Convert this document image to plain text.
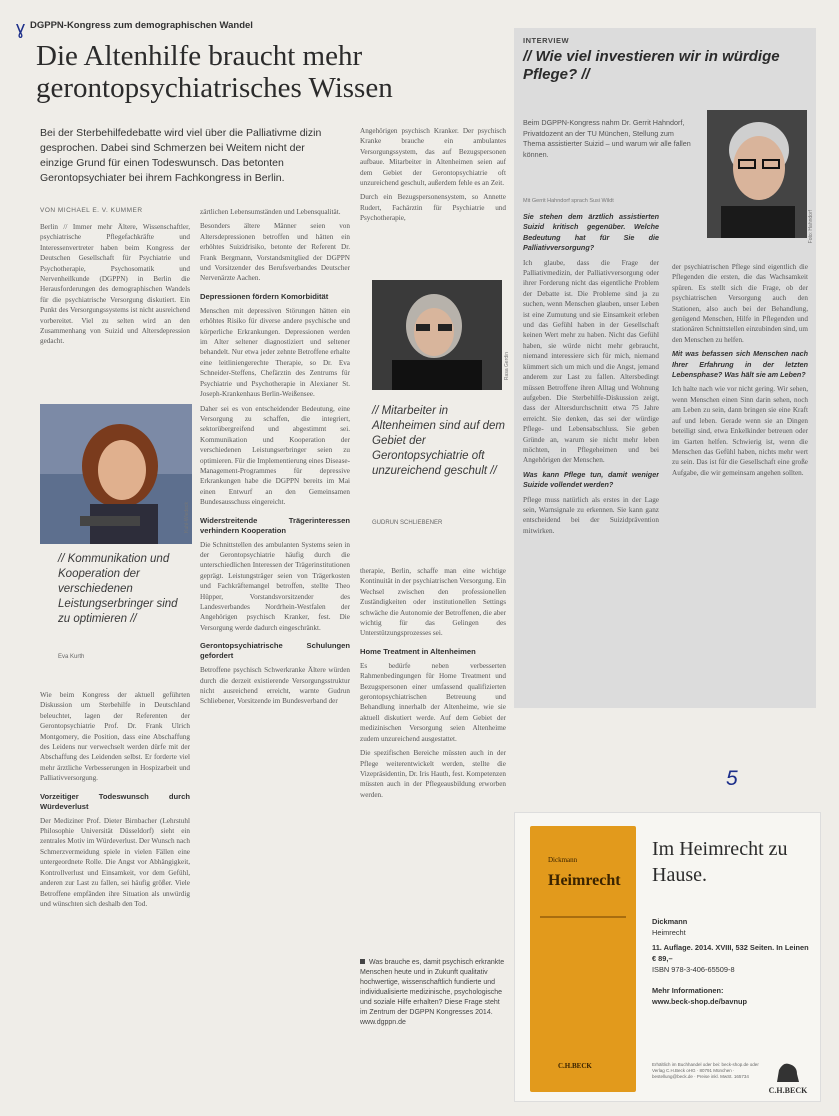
ɣ DGPPN-Kongress zum demographischen Wandel
Die Altenhilfe braucht mehr gerontopsychiatrisches Wissen
Bei der Sterbehilfedebatte wird viel über die Palliativme dizin gesprochen. Dabei sind Schmerzen bei Weitem nicht der einzige Grund für einen Todeswunsch. Das betonten Gerontopsychiater bei ihrem Fachkongress in Berlin.
VON MICHAEL E. V. KUMMER

Berlin // Immer mehr Ältere, Wissenschaftler, psychiatrische Pflegefachkräfte und Interessenvertreter haben beim Kongress der Deutschen Gesellschaft für Psychiatrie und Psychotherapie, Psychosomatik und Nervenheilkunde (DGPPN) in Berlin die Herausforderungen des demographischen Wandels für die psychiatrische Versorgung diskutiert. Ein Punkt des Versorgungssystems ist nicht ausreichend vorbereitet. Viel zu selten wird an den Zusammenhang von Suizid und Altersdepression gedacht.

Kuhl-Wiedeck
// Kommunikation und Kooperation der verschiedenen Leistungserbringer sind zu optimieren //
Eva Kurth

Wie beim Kongress der aktuell geführten Diskussion um Sterbehilfe in Deutschland beleuchtet, lagen der Referenten der Gerontopsychiatrie Prof. Dr. Frank Ulrich Montgomery, die Position, dass eine Abschaffung des Leidens nur verwechselt werden dürfe mit der Abschaffung des Leidenden selbst. Er forderte viel mehr ärztliche Verbesserungen in Hospizarbeit und Palliativversorgung.

Vorzeitiger Todeswunsch durch Würdeverlust

Der Mediziner Prof. Dieter Birnbacher (Lehrstuhl Philosophie Universität Düsseldorf) sieht ein zentrales Motiv im Würdeverlust. Der Wunsch nach Schmerzvermeidung spiele in vielen Fällen eine untergeordnete Rolle. Die Angst vor Abhängigkeit, Kontrollverlust und Einsamkeit, vor dem Gefühl, anderen zur Last zu fallen, sei häufig größer. Viele Betroffene empfänden ihre Situation als unwürdig und wünschten sich deshalb den Tod.

zärtlichen Lebensumständen und Lebensqualität.

Besonders ältere Männer seien von Altersdepressionen betroffen und hätten ein erhöhtes Suizidrisiko, betonte der Referent Dr. Frank Bergmann, Vorstandsmitglied der DGPPN und Vorsitzender des Berufsverbandes Deutscher Nervenärzte Aachen.

Depressionen fördern Komorbidität

Menschen mit depressiven Störungen hätten ein erhöhtes Risiko für diverse andere psychische und körperliche Erkrankungen. Depressionen werden im Alter seltener diagnostiziert und seltener behandelt. Nur etwa jeder zehnte Betroffene erhalte eine leitliniengerechte Therapie, so Dr. Eva Schneider-Steffens, Chefärztin des Zentrums für Psychiatrie und Psychotherapie in Alexianer St. Joseph-Krankenhaus Berlin-Weißensee.

Daher sei es von entscheidender Bedeutung, eine Versorgung zu schaffen, die integriert, sektorübergreifend und abgestimmt sei. Kommunikation und Kooperation der verschiedenen Leistungserbringer seien zu optimieren. Für die Implementierung eines Disease-Management-Programmes für depressive Erkrankungen habe die DGPPN bereits im Mai einen Entwurf an den Gemeinsamen Bundesausschuss eingereicht.

Widerstreitende Trägerinteressen verhindern Kooperation

Die Schnittstellen des ambulanten Systems seien in der Gerontopsychiatrie häufig durch die unterschiedlichen Interessen der Trägerinstitutionen geprägt. Leistungsträger seien von Trägerkosten und Fachkräftemangel betroffen, stellte Theo Hüpper, Vorstandsvorsitzender des Landesverbandes Nordrhein-Westfalen der Angehörigen psychisch Kranker, fest. Die Versorgung werde dadurch eingeschränkt.

Gerontopsychiatrische Schulungen gefordert

Betroffene psychisch Schwerkranke Ältere würden durch die derzeit existierende Versorgungsstruktur nicht ausreichend erreicht, warnte Gudrun Schliebener, Vorsitzende im Bundesverband der

Angehörigen psychisch Kranker. Der psychisch Kranke brauche ein ambulantes Versorgungssystem, das auf Bezugspersonen aufbaue. Mitarbeiter in Altenheimen seien auf dem Gebiet der Gerontopsychiatrie oft unzureichend geschult, außerdem fehle es an Zeit.

Durch ein Bezugspersonensystem, so Annette Rudert, Fachärztin für Psychiatrie und Psychotherapie,

Rasa Gerdin
// Mitarbeiter in Altenheimen sind auf dem Gebiet der Gerontopsychiatrie oft unzureichend geschult //
GUDRUN SCHLIEBENER

therapie, Berlin, schaffe man eine wichtige Kontinuität in der psychiatrischen Versorgung. Ein Wechsel zwischen den professionellen Zuständigkeiten oder institutionellen Settings schwäche die Autonomie der Betroffenen, die aber wichtig für das Gelingen des Unterstützungsprozesses sei.

Home Treatment in Altenheimen

Es bedürfe neben verbesserten Rahmenbedingungen für Home Treatment und Bezugspersonen einer umfassend qualifizierten gerontopsychiatrischen Betreuung und Behandlung innerhalb der Altenheime, wie sie aktuell diskutiert werde. Auf dem Gebiet der medizinischen Versorgung seien Altenheime zudem unzureichend ausgestattet.

Die spezifischen Bereiche müssten auch in der Pflege weiterentwickelt werden, stellte die Vizepräsidentin, Dr. Iris Hauth, fest. Kompetenzen müssten auch in der Pflegeausbildung erworben werden.

Was brauche es, damit psychisch erkrankte Menschen heute und in Zukunft qualitativ hochwertige, wissenschaftlich fundierte und individualisierte medizinische, psychologische und soziale Hilfe erhalten? Diese Frage steht im Zentrum der DGPPN Kongresses 2014. www.dgppn.de
INTERVIEW
// Wie viel investieren wir in würdige Pflege? //
Beim DGPPN-Kongress nahm Dr. Gerrit Hahndorf, Privatdozent an der TU München, Stellung zum Thema assistierter Suizid – und warum wir alle fallen können.
Mit Gerrit Hahndorf sprach Susi Wildt
Foto: Hahndorf

Sie stehen dem ärztlich assistierten Suizid kritisch gegenüber. Welche Bedeutung hat für Sie die Palliativversorgung?

Ich glaube, dass die Frage der Palliativmedizin, der Palliativversorgung oder ihrer Forderung nicht das eigentliche Problem der Debatte ist. Die Probleme sind ja zu suchen, wenn Menschen glauben, unser Leben ist eine Zumutung und sie Einsamkeit erleben und das Gefühl haben in der Gesellschaft keinen Wert mehr zu haben. Nicht das Gefühl haben, sie würde nicht mehr gebraucht, niemand interessiere sich für mich, niemand kümmert sich um mich und die Angst, jemand anderem zur Last zu fallen. Altersbedingt müssen Betroffene ihren Alltag und Wohnung aufgeben. Die Sterbehilfe-Diskussion zeigt, dass der Altersdurchschnitt etwa 75 Jahre erreicht. Sie denken, das sei der würdige Pflege- und Lebensabschluss. Sie geben Gründe an, warum sie nicht mehr leben möchten, in Pflegeheimen und bei Angehörigen der Menschen.

Was kann Pflege tun, damit weniger Suizide vollendet werden?

Pflege muss natürlich als erstes in der Lage sein, Warnsignale zu erkennen. Sie kann ganz entscheidend bei der Suizidprävention mitwirken.

der psychiatrischen Pflege sind eigentlich die Pflegenden die ersten, die das Wachsamkeit spüren. Es stellt sich die Frage, ob der psychiatrischen Versorgung auch den Stationen, also auch bei der Behandlung, genügend Menschen, Hilfe in Pflegenden und stationären Schnittstellen einzubinden sind, um den Menschen zu helfen.

Mit was befassen sich Menschen nach Ihrer Erfahrung in der letzten Lebensphase? Was hält sie am Leben?

Ich halte nach wie vor nicht gering. Wir sehen, wenn Menschen einen Sinn darin sehen, noch am Leben zu sein, dann bringen sie eine Kraft auf und leben. Gerade wenn sie an Dingen beteiligt sind, etwa Enkelkinder betreuen oder im Garten helfen. Schwierig ist, wenn die Menschen das Gefühl haben, nichts mehr wert zu sein. Das ist für die Gesellschaft eine große Aufgabe, die wir gemeinsam angehen sollten.

5
Dickmann
Heimrecht
C.H.BECK
Im Heimrecht zu Hause.
Dickmann
Heimrecht
11. Auflage. 2014. XVIII, 532 Seiten. In Leinen € 89,–
ISBN 978-3-406-65509-8
Mehr Informationen:
www.beck-shop.de/bavnup
Erhältlich im Buchhandel oder bei: beck-shop.de oder Verlag C.H.Beck oHG · 80791 München · bestellung@beck.de · Preise inkl. MwSt. 165734
C.H.BECK
